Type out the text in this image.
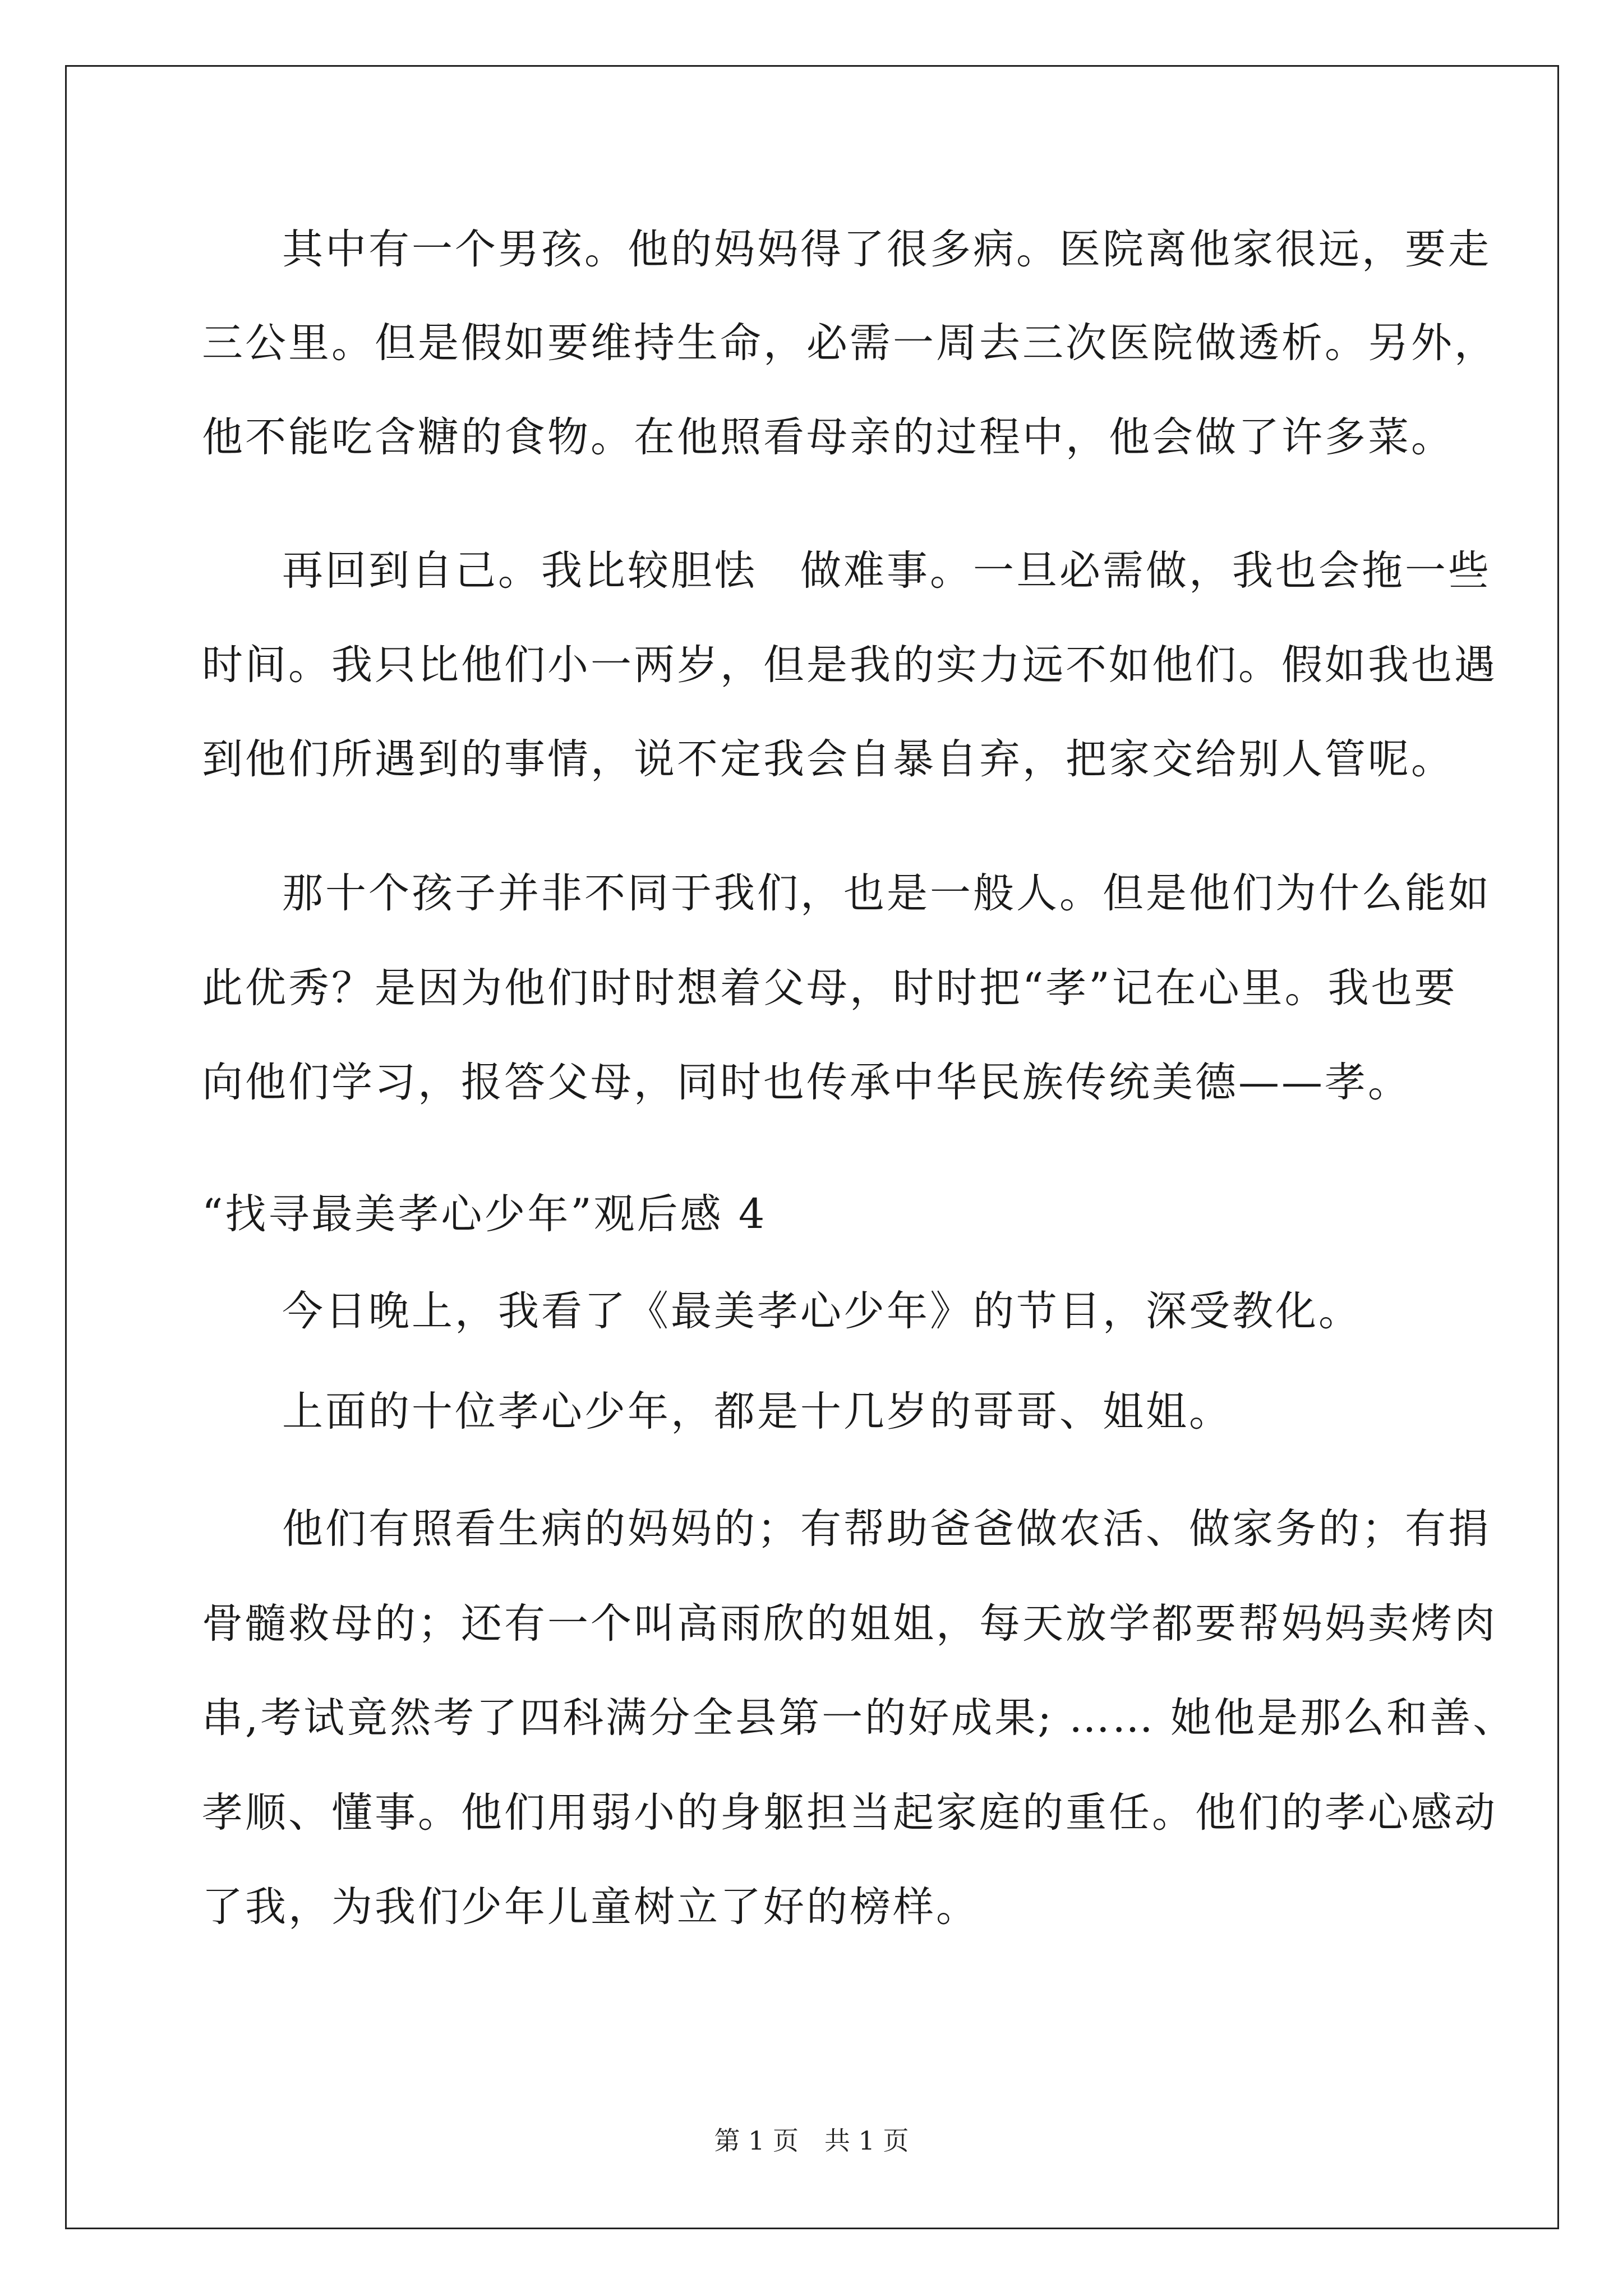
其中有一个男孩。他的妈妈得了很多病。医院离他家很远，要走
三公里。但是假如要维持生命，必需一周去三次医院做透析。另外，
他不能吃含糖的食物。在他照看母亲的过程中，他会做了许多菜。
再回到自己。我比较胆怯　做难事。一旦必需做，我也会拖一些
时间。我只比他们小一两岁，但是我的实力远不如他们。假如我也遇
到他们所遇到的事情，说不定我会自暴自弃，把家交给别人管呢。
那十个孩子并非不同于我们，也是一般人。但是他们为什么能如
此优秀？是因为他们时时想着父母，时时把“孝”记在心里。我也要
向他们学习，报答父母，同时也传承中华民族传统美德——孝。
“找寻最美孝心少年”观后感 4
今日晚上，我看了《最美孝心少年》的节目，深受教化。
上面的十位孝心少年，都是十几岁的哥哥、姐姐。
他们有照看生病的妈妈的；有帮助爸爸做农活、做家务的；有捐
骨髓救母的；还有一个叫高雨欣的姐姐，每天放学都要帮妈妈卖烤肉
串,考试竟然考了四科满分全县第一的好成果; …… 她他是那么和善、
孝顺、懂事。他们用弱小的身躯担当起家庭的重任。他们的孝心感动
了我，为我们少年儿童树立了好的榜样。
第 1 页　共 1 页
